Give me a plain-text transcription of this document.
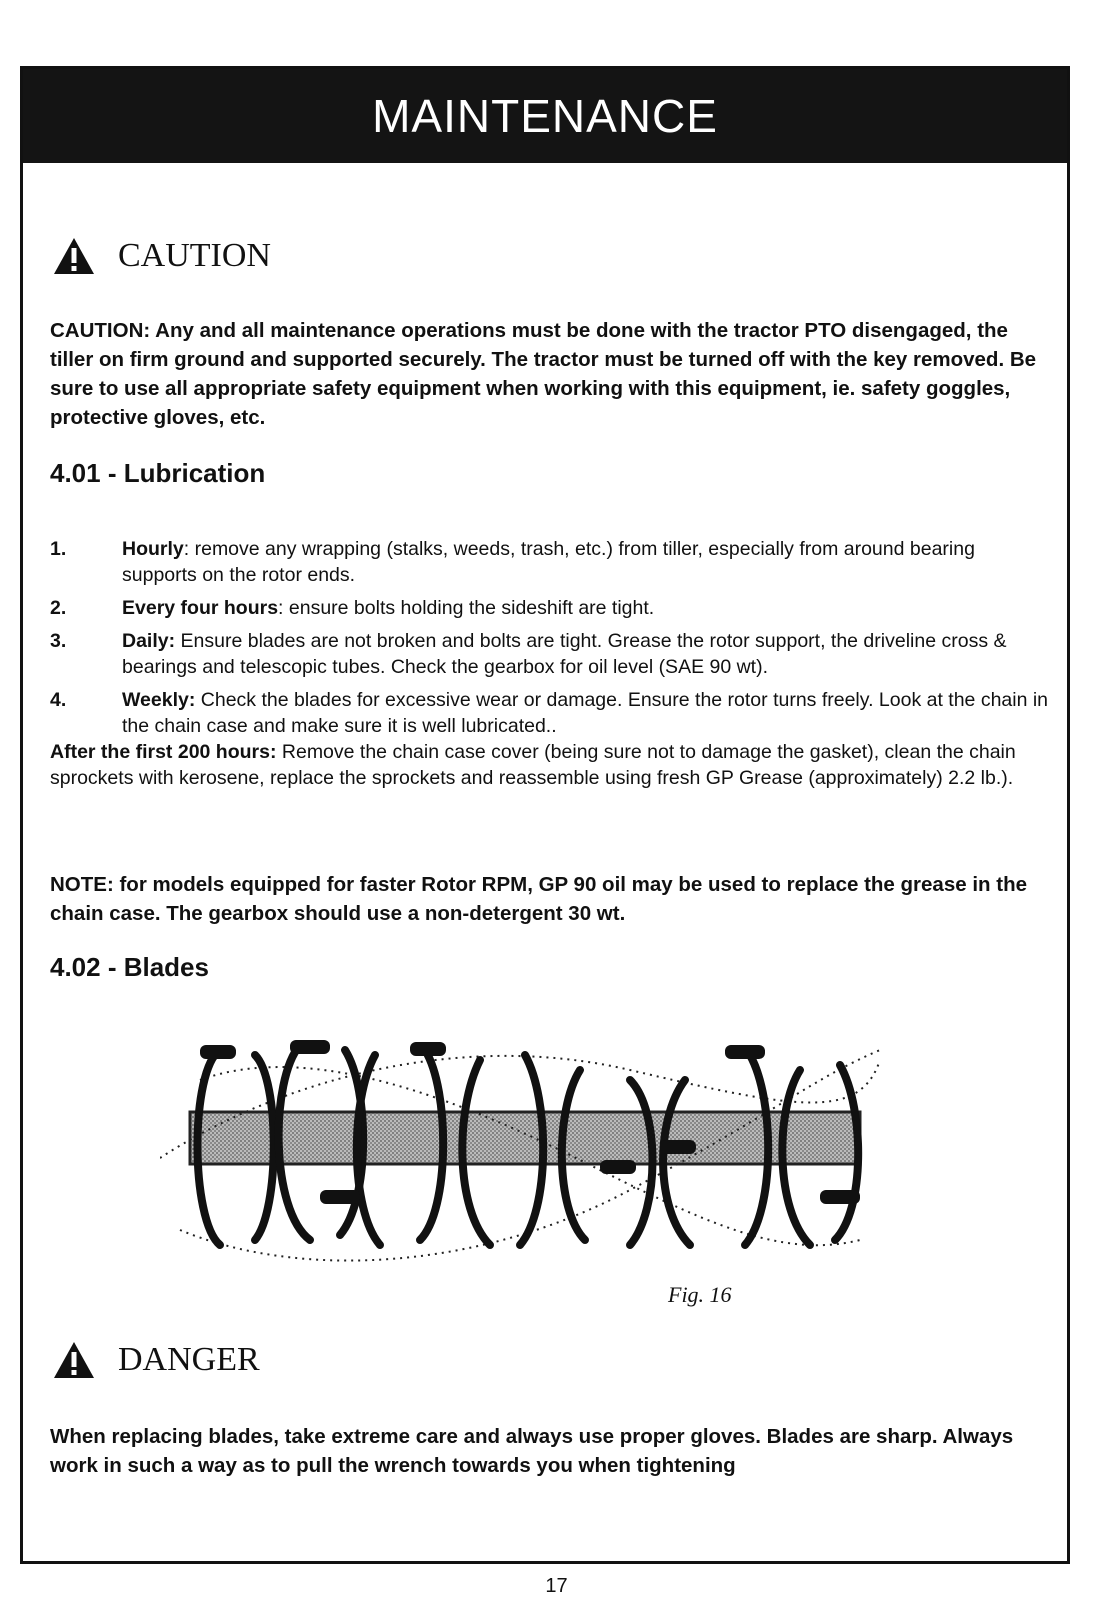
MAINTENANCE
CAUTION
CAUTION: Any and all maintenance operations must be done with the tractor PTO disengaged, the tiller on firm ground and supported securely. The tractor must be turned off with the key removed. Be sure to use all appropriate safety equipment when working with this equipment, ie. safety goggles, protective gloves, etc.
4.01 - Lubrication
1.	Hourly: remove any wrapping (stalks, weeds, trash, etc.) from tiller, especially from around bearing supports on the rotor ends.
2.	Every four hours: ensure bolts holding the sideshift are tight.
3.	Daily: Ensure blades are not broken and bolts are tight. Grease the rotor support, the driveline cross & bearings and telescopic tubes. Check the gearbox for oil level (SAE 90 wt).
4.	Weekly: Check the blades for excessive wear or damage. Ensure the rotor turns freely. Look at the chain in the chain case and make sure it is well lubricated..
After the first 200 hours: Remove the chain case cover (being sure not to damage the gasket), clean the chain sprockets with kerosene, replace the sprockets and reassemble using fresh GP Grease (approximately) 2.2 lb.).
NOTE: for models equipped for faster Rotor RPM, GP 90 oil may be used to replace the grease in the chain case. The gearbox should use a non-detergent 30 wt.
4.02 - Blades
Fig. 16
DANGER
When replacing blades, take extreme care and always use proper gloves. Blades are sharp. Always work in such a way as to pull the wrench towards you when tightening
17
